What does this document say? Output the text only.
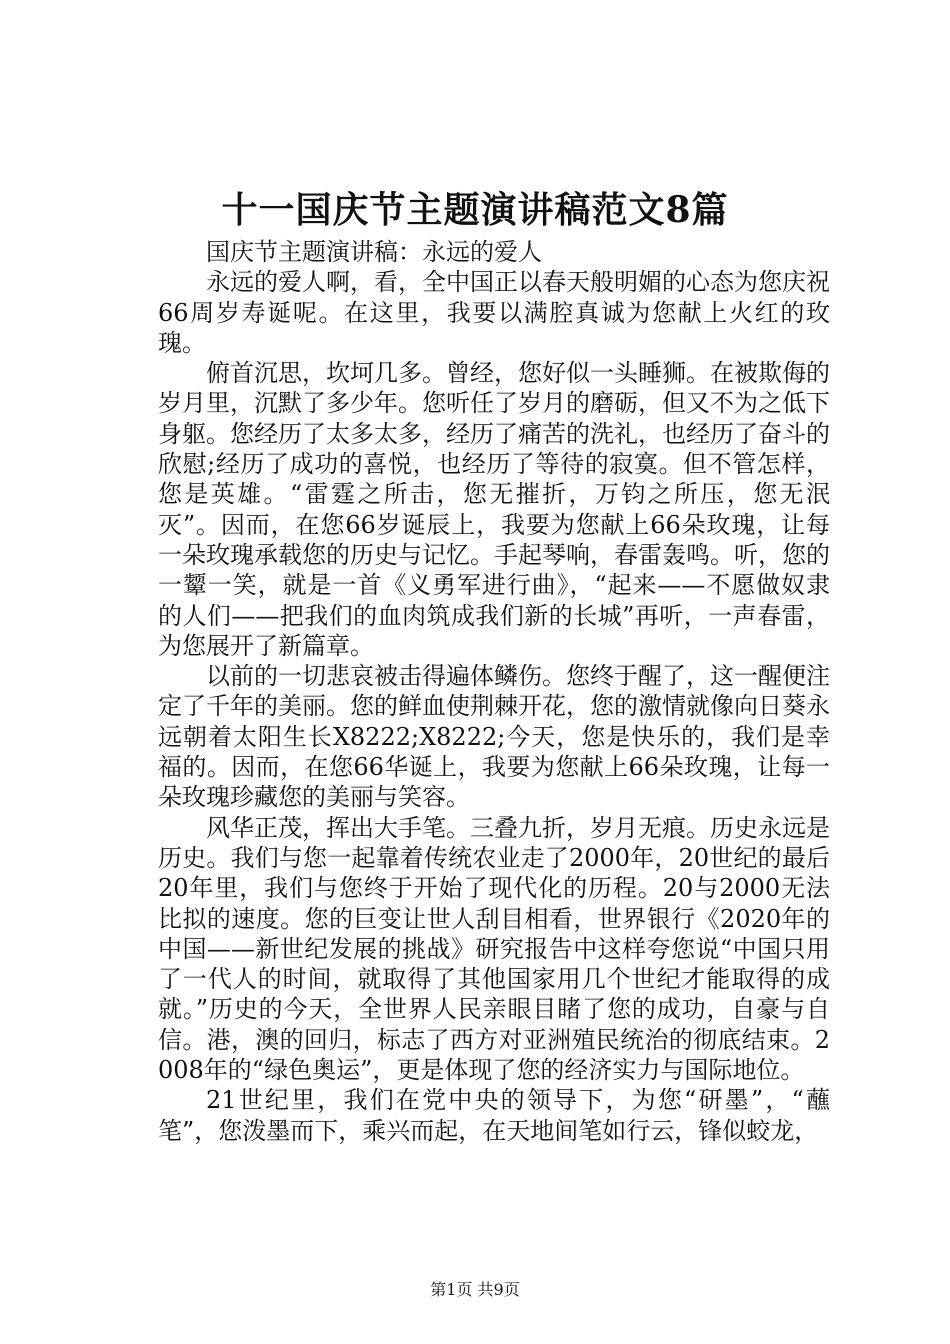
十一国庆节主题演讲稿范文8篇

国庆节主题演讲稿：永远的爱人

永远的爱人啊，看，全中国正以春天般明媚的心态为您庆祝66周岁寿诞呢。在这里，我要以满腔真诚为您献上火红的玫瑰。

俯首沉思，坎坷几多。曾经，您好似一头睡狮。在被欺侮的岁月里，沉默了多少年。您听任了岁月的磨砺，但又不为之低下身躯。您经历了太多太多，经历了痛苦的洗礼，也经历了奋斗的欣慰;经历了成功的喜悦，也经历了等待的寂寞。但不管怎样，您是英雄。“雷霆之所击，您无摧折，万钧之所压，您无泯灭”。因而，在您66岁诞辰上，我要为您献上66朵玫瑰，让每一朵玫瑰承载您的历史与记忆。手起琴响，春雷轰鸣。听，您的一颦一笑，就是一首《义勇军进行曲》，“起来——不愿做奴隶的人们——把我们的血肉筑成我们新的长城”再听，一声春雷，为您展开了新篇章。

以前的一切悲哀被击得遍体鳞伤。您终于醒了，这一醒便注定了千年的美丽。您的鲜血使荆棘开花，您的激情就像向日葵永远朝着太阳生长X8222;X8222;今天，您是快乐的，我们是幸福的。因而，在您66华诞上，我要为您献上66朵玫瑰，让每一朵玫瑰珍藏您的美丽与笑容。

风华正茂，挥出大手笔。三叠九折，岁月无痕。历史永远是历史。我们与您一起靠着传统农业走了2000年，20世纪的最后20年里，我们与您终于开始了现代化的历程。20与2000无法比拟的速度。您的巨变让世人刮目相看，世界银行《2020年的中国——新世纪发展的挑战》研究报告中这样夸您说“中国只用了一代人的时间，就取得了其他国家用几个世纪才能取得的成就。”历史的今天，全世界人民亲眼目睹了您的成功，自豪与自信。港，澳的回归，标志了西方对亚洲殖民统治的彻底结束。2008年的“绿色奥运”，更是体现了您的经济实力与国际地位。

21世纪里，我们在党中央的领导下，为您“研墨”，“蘸笔”，您泼墨而下，乘兴而起，在天地间笔如行云，锋似蛟龙，

第1页 共9页
